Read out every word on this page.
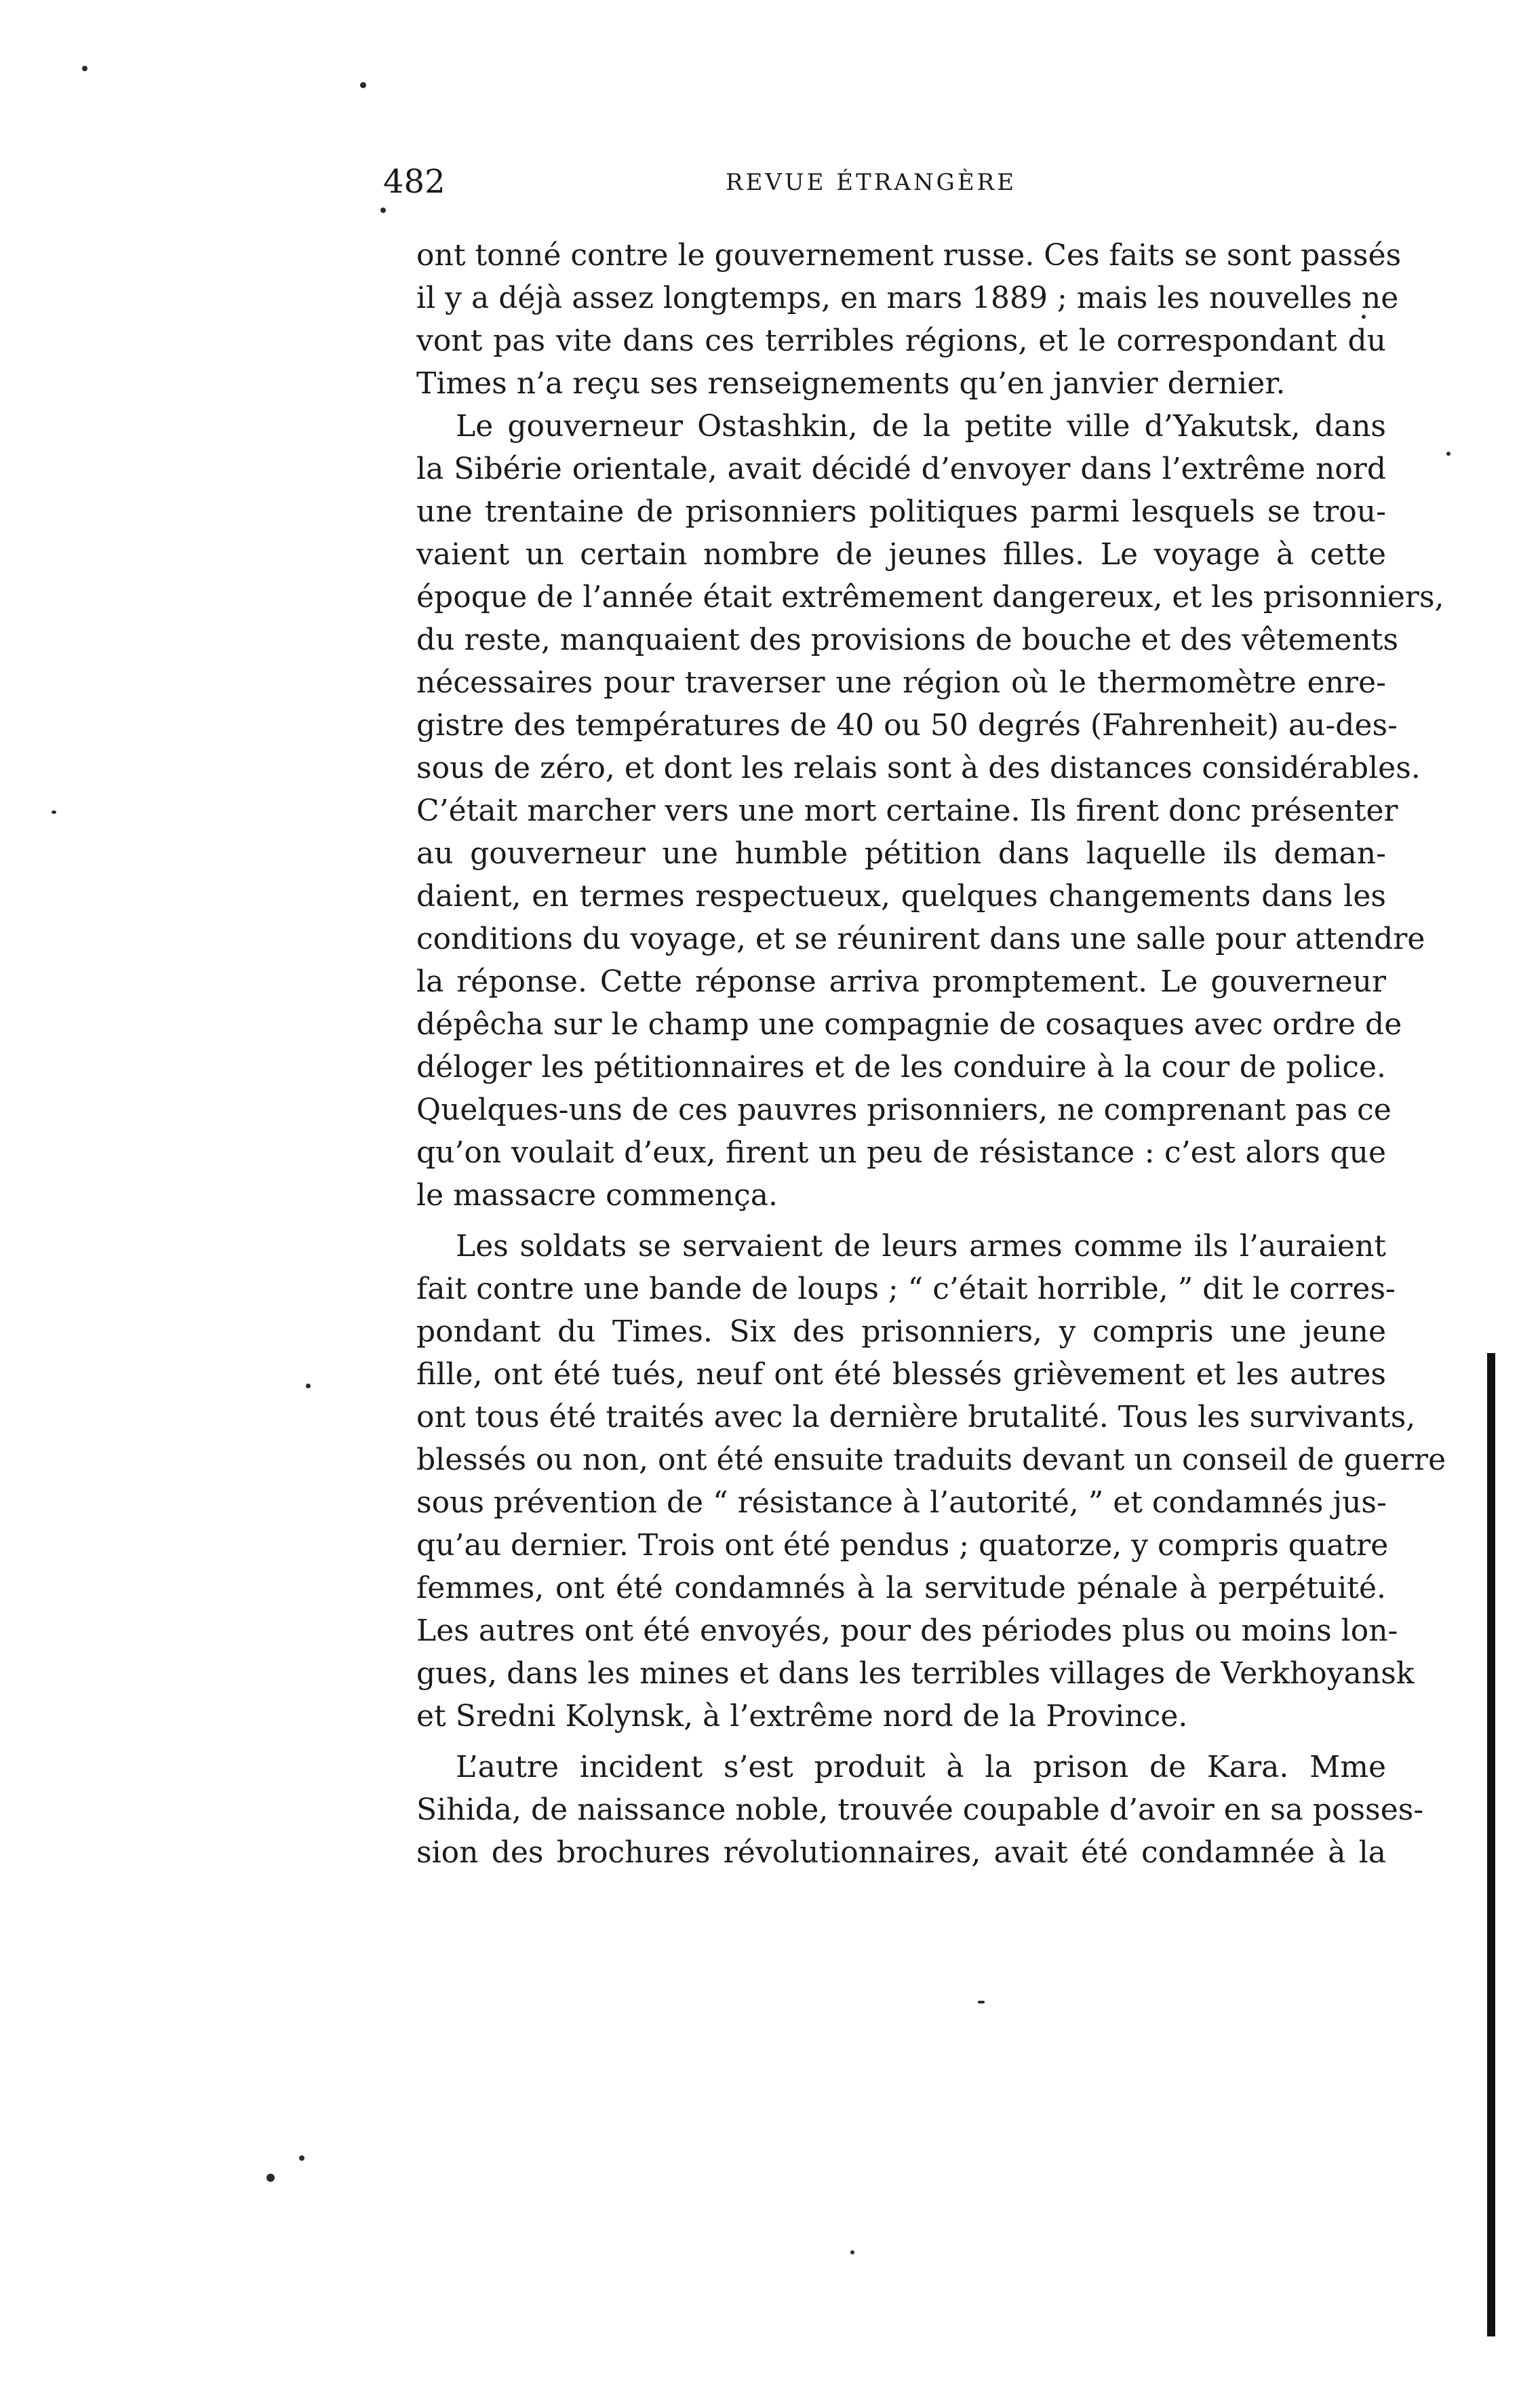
482	REVUE ÉTRANGÈRE
ont tonné contre le gouvernement russe. Ces faits se sont passés
il y a déjà assez longtemps, en mars 1889 ; mais les nouvelles ne
vont pas vite dans ces terribles régions, et le correspondant du
Times n’a reçu ses renseignements qu’en janvier dernier.
Le gouverneur Ostashkin, de la petite ville d’Yakutsk, dans
la Sibérie orientale, avait décidé d’envoyer dans l’extrême nord
une trentaine de prisonniers politiques parmi lesquels se trou-
vaient un certain nombre de jeunes filles. Le voyage à cette
époque de l’année était extrêmement dangereux, et les prisonniers,
du reste, manquaient des provisions de bouche et des vêtements
nécessaires pour traverser une région où le thermomètre enre-
gistre des températures de 40 ou 50 degrés (Fahrenheit) au-des-
sous de zéro, et dont les relais sont à des distances considérables.
C’était marcher vers une mort certaine. Ils firent donc présenter
au gouverneur une humble pétition dans laquelle ils deman-
daient, en termes respectueux, quelques changements dans les
conditions du voyage, et se réunirent dans une salle pour attendre
la réponse. Cette réponse arriva promptement. Le gouverneur
dépêcha sur le champ une compagnie de cosaques avec ordre de
déloger les pétitionnaires et de les conduire à la cour de police.
Quelques-uns de ces pauvres prisonniers, ne comprenant pas ce
qu’on voulait d’eux, firent un peu de résistance : c’est alors que
le massacre commença.
Les soldats se servaient de leurs armes comme ils l’auraient
fait contre une bande de loups ; “ c’était horrible, ” dit le corres-
pondant du Times. Six des prisonniers, y compris une jeune
fille, ont été tués, neuf ont été blessés grièvement et les autres
ont tous été traités avec la dernière brutalité. Tous les survivants,
blessés ou non, ont été ensuite traduits devant un conseil de guerre
sous prévention de “ résistance à l’autorité, ” et condamnés jus-
qu’au dernier. Trois ont été pendus ; quatorze, y compris quatre
femmes, ont été condamnés à la servitude pénale à perpétuité.
Les autres ont été envoyés, pour des périodes plus ou moins lon-
gues, dans les mines et dans les terribles villages de Verkhoyansk
et Sredni Kolynsk, à l’extrême nord de la Province.
L’autre incident s’est produit à la prison de Kara. Mme
Sihida, de naissance noble, trouvée coupable d’avoir en sa posses-
sion des brochures révolutionnaires, avait été condamnée à la
